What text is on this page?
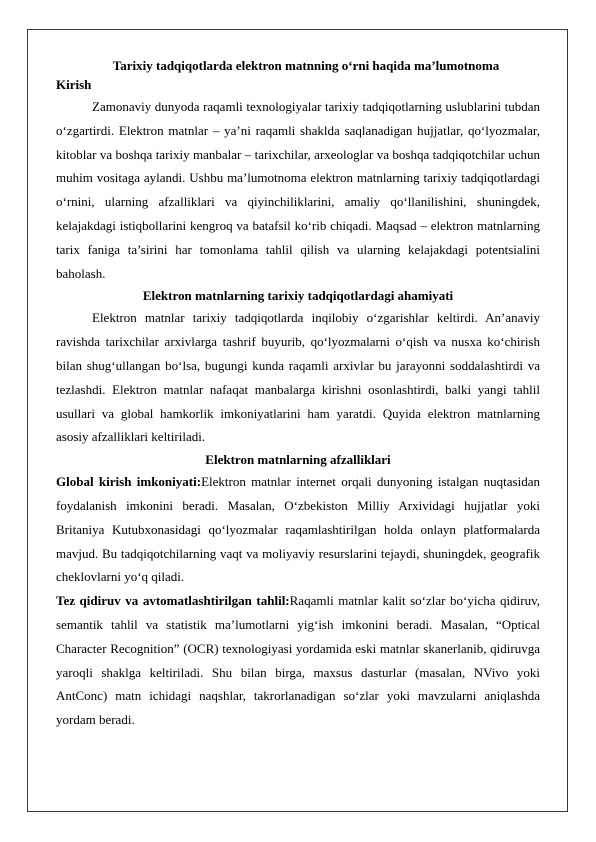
Tarixiy tadqiqotlarda elektron matnning o‘rni haqida ma’lumotnoma

Kirish

Zamonaviy dunyoda raqamli texnologiyalar tarixiy tadqiqotlarning uslublarini tubdan o‘zgartirdi. Elektron matnlar – ya’ni raqamli shaklda saqlanadigan hujjatlar, qo‘lyozmalar, kitoblar va boshqa tarixiy manbalar – tarixchilar, arxeologlar va boshqa tadqiqotchilar uchun muhim vositaga aylandi. Ushbu ma’lumotnoma elektron matnlarning tarixiy tadqiqotlardagi o‘rnini, ularning afzalliklari va qiyinchiliklarini, amaliy qo‘llanilishini, shuningdek, kelajakdagi istiqbollarini kengroq va batafsil ko‘rib chiqadi. Maqsad – elektron matnlarning tarix faniga ta’sirini har tomonlama tahlil qilish va ularning kelajakdagi potentsialini baholash.

Elektron matnlarning tarixiy tadqiqotlardagi ahamiyati

Elektron matnlar tarixiy tadqiqotlarda inqilobiy o‘zgarishlar keltirdi. An’anaviy ravishda tarixchilar arxivlarga tashrif buyurib, qo‘lyozmalarni o‘qish va nusxa ko‘chirish bilan shug‘ullangan bo‘lsa, bugungi kunda raqamli arxivlar bu jarayonni soddalashtirdi va tezlashdi. Elektron matnlar nafaqat manbalarga kirishni osonlashtirdi, balki yangi tahlil usullari va global hamkorlik imkoniyatlarini ham yaratdi. Quyida elektron matnlarning asosiy afzalliklari keltiriladi.

Elektron matnlarning afzalliklari

Global kirish imkoniyati:Elektron matnlar internet orqali dunyoning istalgan nuqtasidan foydalanish imkonini beradi. Masalan, O‘zbekiston Milliy Arxividagi hujjatlar yoki Britaniya Kutubxonasidagi qo‘lyozmalar raqamlashtirilgan holda onlayn platformalarda mavjud. Bu tadqiqotchilarning vaqt va moliyaviy resurslarini tejaydi, shuningdek, geografik cheklovlarni yo‘q qiladi.

Tez qidiruv va avtomatlashtirilgan tahlil:Raqamli matnlar kalit so‘zlar bo‘yicha qidiruv, semantik tahlil va statistik ma’lumotlarni yig‘ish imkonini beradi. Masalan, “Optical Character Recognition” (OCR) texnologiyasi yordamida eski matnlar skanerlanib, qidiruvga yaroqli shaklga keltiriladi. Shu bilan birga, maxsus dasturlar (masalan, NVivo yoki AntConc) matn ichidagi naqshlar, takrorlanadigan so‘zlar yoki mavzularni aniqlashda yordam beradi.
